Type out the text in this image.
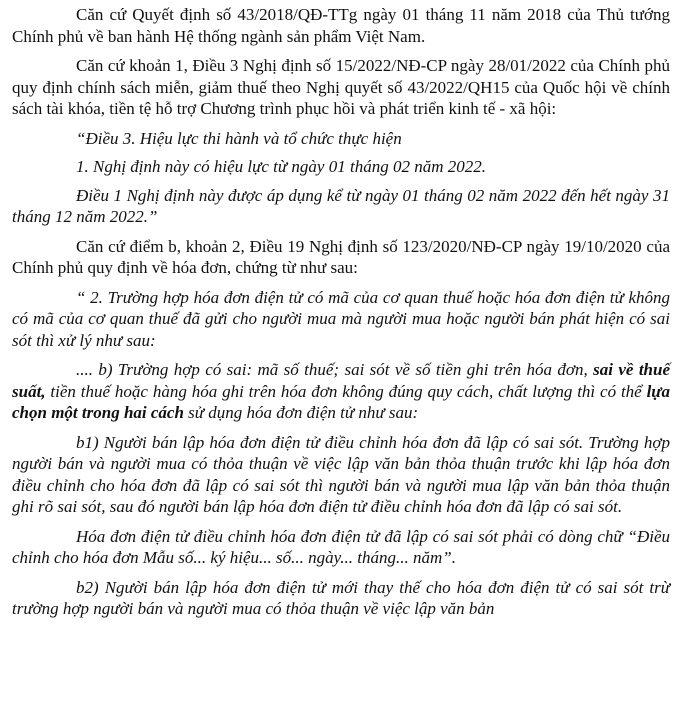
Căn cứ Quyết định số 43/2018/QĐ-TTg ngày 01 tháng 11 năm 2018 của Thủ tướng Chính phủ về ban hành Hệ thống ngành sản phẩm Việt Nam.

Căn cứ khoản 1, Điều 3 Nghị định số 15/2022/NĐ-CP ngày 28/01/2022 của Chính phủ quy định chính sách miễn, giảm thuế theo Nghị quyết số 43/2022/QH15 của Quốc hội về chính sách tài khóa, tiền tệ hỗ trợ Chương trình phục hồi và phát triển kinh tế - xã hội:

“Điều 3. Hiệu lực thi hành và tổ chức thực hiện

1. Nghị định này có hiệu lực từ ngày 01 tháng 02 năm 2022.

Điều 1 Nghị định này được áp dụng kể từ ngày 01 tháng 02 năm 2022 đến hết ngày 31 tháng 12 năm 2022.”

Căn cứ điểm b, khoản 2, Điều 19 Nghị định số 123/2020/NĐ-CP ngày 19/10/2020 của Chính phủ quy định về hóa đơn, chứng từ như sau:

“ 2. Trường hợp hóa đơn điện tử có mã của cơ quan thuế hoặc hóa đơn điện tử không có mã của cơ quan thuế đã gửi cho người mua mà người mua hoặc người bán phát hiện có sai sót thì xử lý như sau:

.... b) Trường hợp có sai: mã số thuế; sai sót về số tiền ghi trên hóa đơn, sai về thuế suất, tiền thuế hoặc hàng hóa ghi trên hóa đơn không đúng quy cách, chất lượng thì có thể lựa chọn một trong hai cách sử dụng hóa đơn điện tử như sau:

b1) Người bán lập hóa đơn điện tử điều chỉnh hóa đơn đã lập có sai sót. Trường hợp người bán và người mua có thỏa thuận về việc lập văn bản thỏa thuận trước khi lập hóa đơn điều chỉnh cho hóa đơn đã lập có sai sót thì người bán và người mua lập văn bản thỏa thuận ghi rõ sai sót, sau đó người bán lập hóa đơn điện tử điều chỉnh hóa đơn đã lập có sai sót.

Hóa đơn điện tử điều chỉnh hóa đơn điện tử đã lập có sai sót phải có dòng chữ “Điều chỉnh cho hóa đơn Mẫu số... ký hiệu... số... ngày... tháng... năm”.

b2) Người bán lập hóa đơn điện tử mới thay thế cho hóa đơn điện tử có sai sót trừ trường hợp người bán và người mua có thỏa thuận về việc lập văn bản
